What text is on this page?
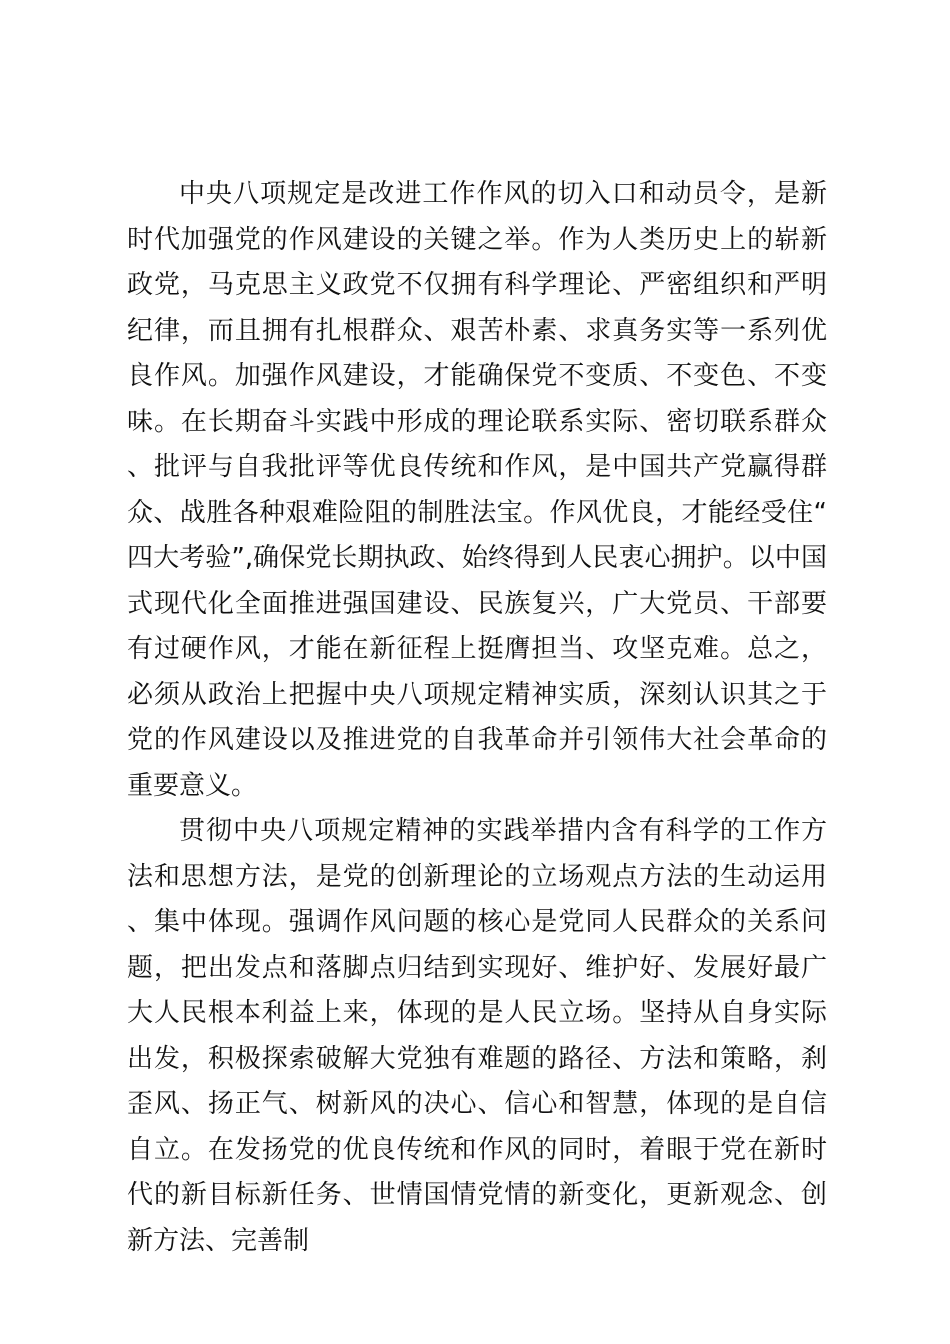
中央八项规定是改进工作作风的切入口和动员令，是新时代加强党的作风建设的关键之举。作为人类历史上的崭新政党，马克思主义政党不仅拥有科学理论、严密组织和严明纪律，而且拥有扎根群众、艰苦朴素、求真务实等一系列优良作风。加强作风建设，才能确保党不变质、不变色、不变味。在长期奋斗实践中形成的理论联系实际、密切联系群众、批评与自我批评等优良传统和作风，是中国共产党赢得群众、战胜各种艰难险阻的制胜法宝。作风优良，才能经受住“四大考验”,确保党长期执政、始终得到人民衷心拥护。以中国式现代化全面推进强国建设、民族复兴，广大党员、干部要有过硬作风，才能在新征程上挺膺担当、攻坚克难。总之，必须从政治上把握中央八项规定精神实质，深刻认识其之于党的作风建设以及推进党的自我革命并引领伟大社会革命的重要意义。

贯彻中央八项规定精神的实践举措内含有科学的工作方法和思想方法，是党的创新理论的立场观点方法的生动运用、集中体现。强调作风问题的核心是党同人民群众的关系问题，把出发点和落脚点归结到实现好、维护好、发展好最广大人民根本利益上来，体现的是人民立场。坚持从自身实际出发，积极探索破解大党独有难题的路径、方法和策略，刹歪风、扬正气、树新风的决心、信心和智慧，体现的是自信自立。在发扬党的优良传统和作风的同时，着眼于党在新时代的新目标新任务、世情国情党情的新变化，更新观念、创新方法、完善制
